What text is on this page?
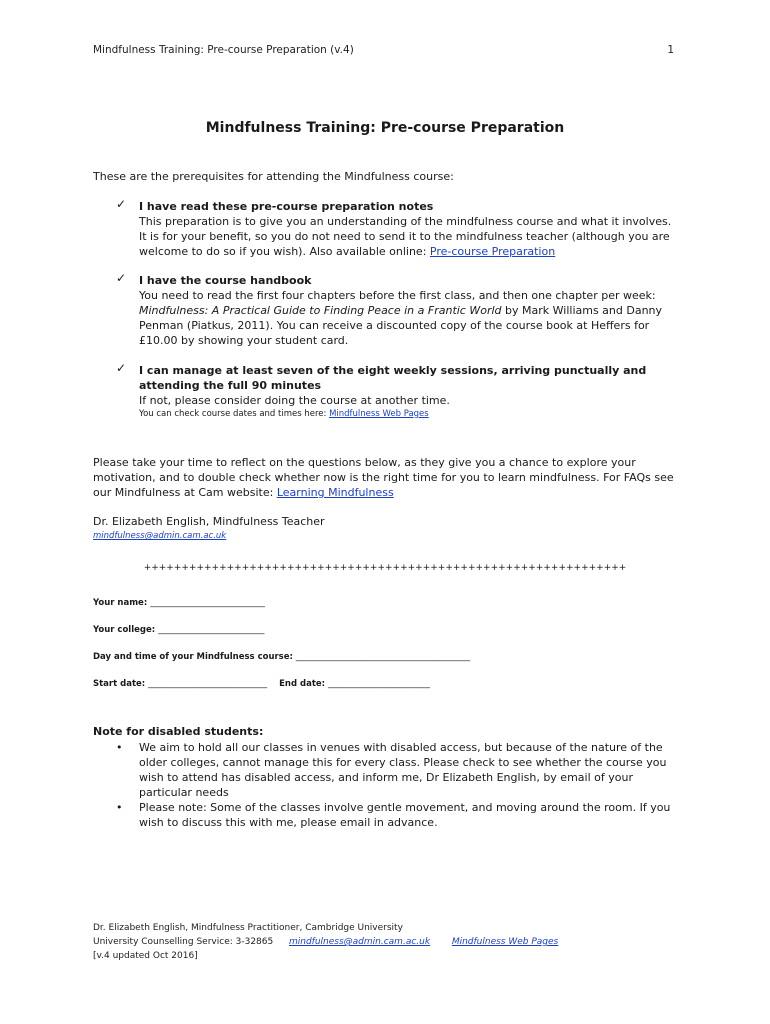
Mindfulness Training: Pre-course Preparation (v.4)	1
Mindfulness Training: Pre-course Preparation
These are the prerequisites for attending the Mindfulness course:
✓ I have read these pre-course preparation notes
This preparation is to give you an understanding of the mindfulness course and what it involves. It is for your benefit, so you do not need to send it to the mindfulness teacher (although you are welcome to do so if you wish). Also available online: Pre-course Preparation
✓ I have the course handbook
You need to read the first four chapters before the first class, and then one chapter per week: Mindfulness: A Practical Guide to Finding Peace in a Frantic World by Mark Williams and Danny Penman (Piatkus, 2011). You can receive a discounted copy of the course book at Heffers for £10.00 by showing your student card.
✓ I can manage at least seven of the eight weekly sessions, arriving punctually and attending the full 90 minutes
If not, please consider doing the course at another time.
You can check course dates and times here: Mindfulness Web Pages
Please take your time to reflect on the questions below, as they give you a chance to explore your motivation, and to double check whether now is the right time for you to learn mindfulness. For FAQs see our Mindfulness at Cam website: Learning Mindfulness
Dr. Elizabeth English, Mindfulness Teacher
mindfulness@admin.cam.ac.uk
++++++++++++++++++++++++++++++++++++++++++++++++++++++++++++++++
Your name: ___________________________
Your college: _________________________
Day and time of your Mindfulness course: _________________________________________
Start date: ____________________________ End date: ________________________
Note for disabled students:
• We aim to hold all our classes in venues with disabled access, but because of the nature of the older colleges, cannot manage this for every class. Please check to see whether the course you wish to attend has disabled access, and inform me, Dr Elizabeth English, by email of your particular needs
• Please note: Some of the classes involve gentle movement, and moving around the room. If you wish to discuss this with me, please email in advance.
Dr. Elizabeth English, Mindfulness Practitioner, Cambridge University
University Counselling Service: 3-32865 mindfulness@admin.cam.ac.uk Mindfulness Web Pages
[v.4 updated Oct 2016]
